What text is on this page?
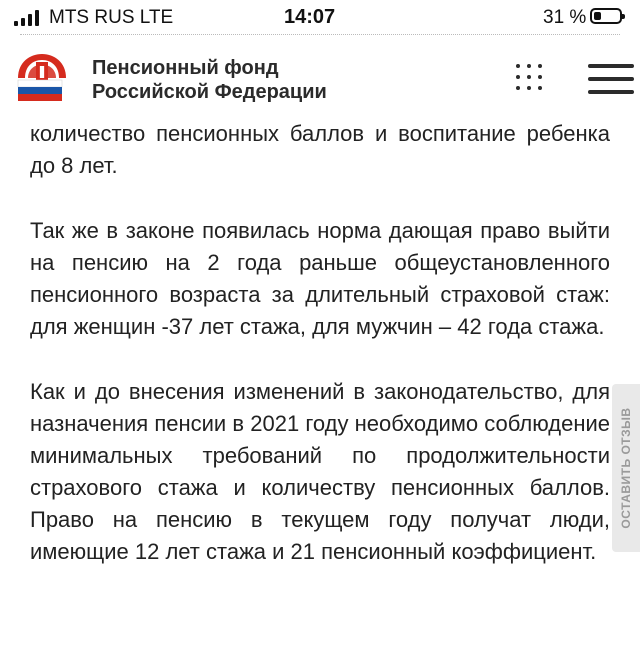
MTS RUS LTE	14:07	31 %
Пенсионный фонд
Российской Федерации

количество пенсионных баллов и воспитание ребенка до 8 лет.

Так же в законе появилась норма дающая право выйти на пенсию на 2 года раньше общеустановленного пенсионного возраста за длительный страховой стаж: для женщин -37 лет стажа, для мужчин – 42 года стажа.

Как и до внесения изменений в законодательство, для назначения пенсии в 2021 году необходимо соблюдение минимальных требований по продолжительности страхового стажа и количеству пенсионных баллов. Право на пенсию в текущем году получат люди, имеющие 12 лет стажа и 21 пенсионный коэффициент.

ОСТАВИТЬ ОТЗЫВ
